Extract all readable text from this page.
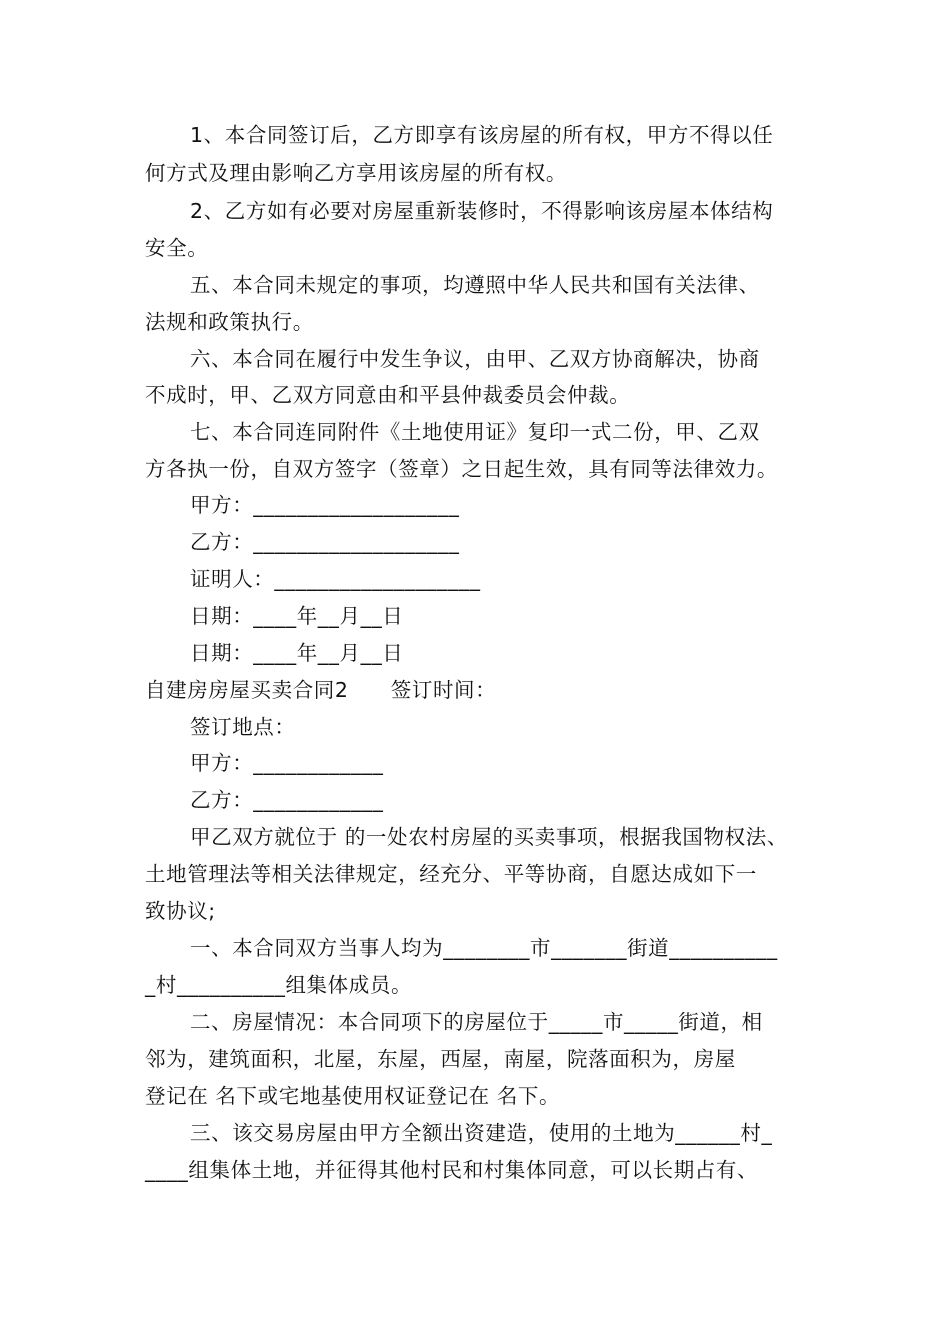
1、本合同签订后，乙方即享有该房屋的所有权，甲方不得以任
何方式及理由影响乙方享用该房屋的所有权。
2、乙方如有必要对房屋重新装修时，不得影响该房屋本体结构
安全。
五、本合同未规定的事项，均遵照中华人民共和国有关法律、
法规和政策执行。
六、本合同在履行中发生争议，由甲、乙双方协商解决，协商
不成时，甲、乙双方同意由和平县仲裁委员会仲裁。
七、本合同连同附件《土地使用证》复印一式二份，甲、乙双
方各执一份，自双方签字（签章）之日起生效，具有同等法律效力。
甲方：___________________
乙方：___________________
证明人：___________________
日期：____年__月__日
日期：____年__月__日
自建房房屋买卖合同2　　签订时间：
签订地点：
甲方：____________
乙方：____________
甲乙双方就位于 的一处农村房屋的买卖事项，根据我国物权法、
土地管理法等相关法律规定，经充分、平等协商，自愿达成如下一
致协议;
一、本合同双方当事人均为________市_______街道__________
_村__________组集体成员。
二、房屋情况：本合同项下的房屋位于_____市_____街道，相
邻为，建筑面积，北屋，东屋，西屋，南屋，院落面积为，房屋
登记在 名下或宅地基使用权证登记在 名下。
三、该交易房屋由甲方全额出资建造，使用的土地为______村_
____组集体土地，并征得其他村民和村集体同意，可以长期占有、
